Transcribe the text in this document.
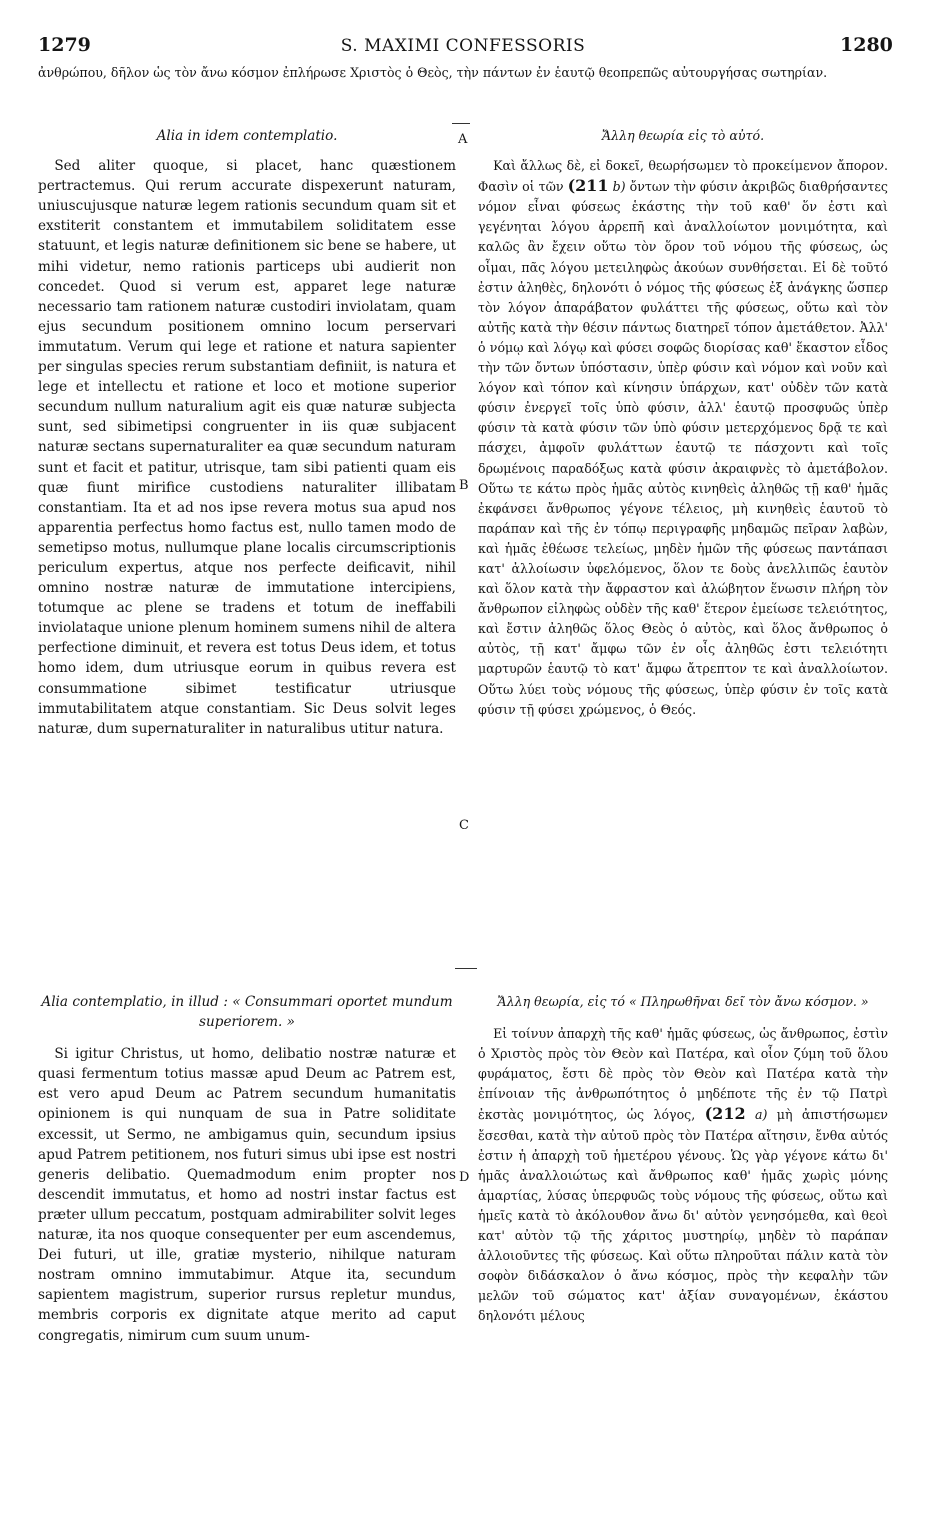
1279	S. MAXIMI CONFESSORIS	1280
ἀνθρώπου, δῆλον ὡς τὸν ἄνω κόσμον ἐπλήρωσε Χριστὸς ὁ Θεὸς, τὴν πάντων ἐν ἑαυτῷ θεοπρεπῶς αὐτουργήσας σωτηρίαν.
Alia in idem contemplatio.

Sed aliter quoque, si placet, hanc quæstionem pertractemus. Qui rerum accurate dispexerunt naturam, uniuscujusque naturæ legem rationis secundum quam sit et exstiterit constantem et immutabilem soliditatem esse statuunt, et legis naturæ definitionem sic bene se habere, ut mihi videtur, nemo rationis particeps ubi audierit non concedet. Quod si verum est, apparet lege naturæ necessario tam rationem naturæ custodiri inviolatam, quam ejus secundum positionem omnino locum perservari immutatum. Verum qui lege et ratione et natura sapienter per singulas species rerum substantiam definiit, is natura et lege et intellectu et ratione et loco et motione superior secundum nullum naturalium agit eis quæ naturæ subjecta sunt, sed sibimetipsi congruenter in iis quæ subjacent naturæ sectans supernaturaliter ea quæ secundum naturam sunt et facit et patitur, utrisque, tam sibi patienti quam eis quæ fiunt mirifice custodiens naturaliter illibatam constantiam. Ita et ad nos ipse revera motus sua apud nos apparentia perfectus homo factus est, nullo tamen modo de semetipso motus, nullumque plane localis circumscriptionis periculum expertus, atque nos perfecte deificavit, nihil omnino nostræ naturæ de immutatione intercipiens, totumque ac plene se tradens et totum de ineffabili inviolataque unione plenum hominem sumens nihil de altera perfectione diminuit, et revera est totus Deus idem, et totus homo idem, dum utriusque eorum in quibus revera est consummatione sibimet testificatur utriusque immutabilitatem atque constantiam. Sic Deus solvit leges naturæ, dum supernaturaliter in naturalibus utitur natura.

Ἄλλη θεωρία εἰς τὸ αὐτό.

Καὶ ἄλλως δὲ, εἰ δοκεῖ, θεωρήσωμεν τὸ προκείμενον ἄπορον. Φασὶν οἱ τῶν (211 b) ὄντων τὴν φύσιν ἀκριβῶς διαθρήσαντες νόμον εἶναι φύσεως ἑκάστης τὴν τοῦ καθ' ὅν ἐστι καὶ γεγένηται λόγου ἀρρεπῆ καὶ ἀναλλοίωτον μονιμότητα, καὶ καλῶς ἂν ἔχειν οὕτω τὸν ὅρον τοῦ νόμου τῆς φύσεως, ὡς οἶμαι, πᾶς λόγου μετειληφὼς ἀκούων συνθήσεται. Εἰ δὲ τοῦτό ἐστιν ἀληθὲς, δηλονότι ὁ νόμος τῆς φύσεως ἐξ ἀνάγκης ὥσπερ τὸν λόγον ἀπαράβατον φυλάττει τῆς φύσεως, οὕτω καὶ τὸν αὐτῆς κατὰ τὴν θέσιν πάντως διατηρεῖ τόπον ἀμετάθετον. Ἀλλ' ὁ νόμῳ καὶ λόγῳ καὶ φύσει σοφῶς διορίσας καθ' ἕκαστον εἶδος τὴν τῶν ὄντων ὑπόστασιν, ὑπὲρ φύσιν καὶ νόμον καὶ νοῦν καὶ λόγον καὶ τόπον καὶ κίνησιν ὑπάρχων, κατ' οὐδὲν τῶν κατὰ φύσιν ἐνεργεῖ τοῖς ὑπὸ φύσιν, ἀλλ' ἑαυτῷ προσφυῶς ὑπὲρ φύσιν τὰ κατὰ φύσιν τῶν ὑπὸ φύσιν μετερχόμενος δρᾷ τε καὶ πάσχει, ἀμφοῖν φυλάττων ἑαυτῷ τε πάσχοντι καὶ τοῖς δρωμένοις παραδόξως κατὰ φύσιν ἀκραιφνὲς τὸ ἀμετάβολον. Οὕτω τε κάτω πρὸς ἡμᾶς αὐτὸς κινηθεὶς ἀληθῶς τῇ καθ' ἡμᾶς ἐκφάνσει ἄνθρωπος γέγονε τέλειος, μὴ κινηθεὶς ἑαυτοῦ τὸ παράπαν καὶ τῆς ἐν τόπῳ περιγραφῆς μηδαμῶς πεῖραν λαβὼν, καὶ ἡμᾶς ἐθέωσε τελείως, μηδὲν ἡμῶν τῆς φύσεως παντάπασι κατ' ἀλλοίωσιν ὑφελόμενος, ὅλον τε δοὺς ἀνελλιπῶς ἑαυτὸν καὶ ὅλον κατὰ τὴν ἄφραστον καὶ ἀλώβητον ἕνωσιν πλήρη τὸν ἄνθρωπον εἰληφὼς οὐδὲν τῆς καθ' ἕτερον ἐμείωσε τελειότητος, καὶ ἔστιν ἀληθῶς ὅλος Θεὸς ὁ αὐτὸς, καὶ ὅλος ἄνθρωπος ὁ αὐτὸς, τῇ κατ' ἄμφω τῶν ἐν οἷς ἀληθῶς ἐστι τελειότητι μαρτυρῶν ἑαυτῷ τὸ κατ' ἄμφω ἄτρεπτον τε καὶ ἀναλλοίωτον. Οὕτω λύει τοὺς νόμους τῆς φύσεως, ὑπὲρ φύσιν ἐν τοῖς κατὰ φύσιν τῇ φύσει χρώμενος, ὁ Θεός.

A
B
C
D
Alia contemplatio, in illud : « Consummari oportet mundum superiorem. »

Si igitur Christus, ut homo, delibatio nostræ naturæ et quasi fermentum totius massæ apud Deum ac Patrem est, est vero apud Deum ac Patrem secundum humanitatis opinionem is qui nunquam de sua in Patre soliditate excessit, ut Sermo, ne ambigamus quin, secundum ipsius apud Patrem petitionem, nos futuri simus ubi ipse est nostri generis delibatio. Quemadmodum enim propter nos descendit immutatus, et homo ad nostri instar factus est præter ullum peccatum, postquam admirabiliter solvit leges naturæ, ita nos quoque consequenter per eum ascendemus, Dei futuri, ut ille, gratiæ mysterio, nihilque naturam nostram omnino immutabimur. Atque ita, secundum sapientem magistrum, superior rursus repletur mundus, membris corporis ex dignitate atque merito ad caput congregatis, nimirum cum suum unum-

Ἄλλη θεωρία, εἰς τό « Πληρωθῆναι δεῖ τὸν ἄνω κόσμον. »

Εἰ τοίνυν ἀπαρχὴ τῆς καθ' ἡμᾶς φύσεως, ὡς ἄνθρωπος, ἐστὶν ὁ Χριστὸς πρὸς τὸν Θεὸν καὶ Πατέρα, καὶ οἷον ζύμη τοῦ ὅλου φυράματος, ἔστι δὲ πρὸς τὸν Θεὸν καὶ Πατέρα κατὰ τὴν ἐπίνοιαν τῆς ἀνθρωπότητος ὁ μηδέποτε τῆς ἐν τῷ Πατρὶ ἐκστὰς μονιμότητος, ὡς λόγος, (212 a) μὴ ἀπιστήσωμεν ἔσεσθαι, κατὰ τὴν αὐτοῦ πρὸς τὸν Πατέρα αἴτησιν, ἔνθα αὐτός ἐστιν ἡ ἀπαρχὴ τοῦ ἡμετέρου γένους. Ὡς γὰρ γέγονε κάτω δι' ἡμᾶς ἀναλλοιώτως καὶ ἄνθρωπος καθ' ἡμᾶς χωρὶς μόνης ἁμαρτίας, λύσας ὑπερφυῶς τοὺς νόμους τῆς φύσεως, οὕτω καὶ ἡμεῖς κατὰ τὸ ἀκόλουθον ἄνω δι' αὐτὸν γενησόμεθα, καὶ θεοὶ κατ' αὐτὸν τῷ τῆς χάριτος μυστηρίῳ, μηδὲν τὸ παράπαν ἀλλοιοῦντες τῆς φύσεως. Καὶ οὕτω πληροῦται πάλιν κατὰ τὸν σοφὸν διδάσκαλον ὁ ἄνω κόσμος, πρὸς τὴν κεφαλὴν τῶν μελῶν τοῦ σώματος κατ' ἀξίαν συναγομένων, ἑκάστου δηλονότι μέλους
